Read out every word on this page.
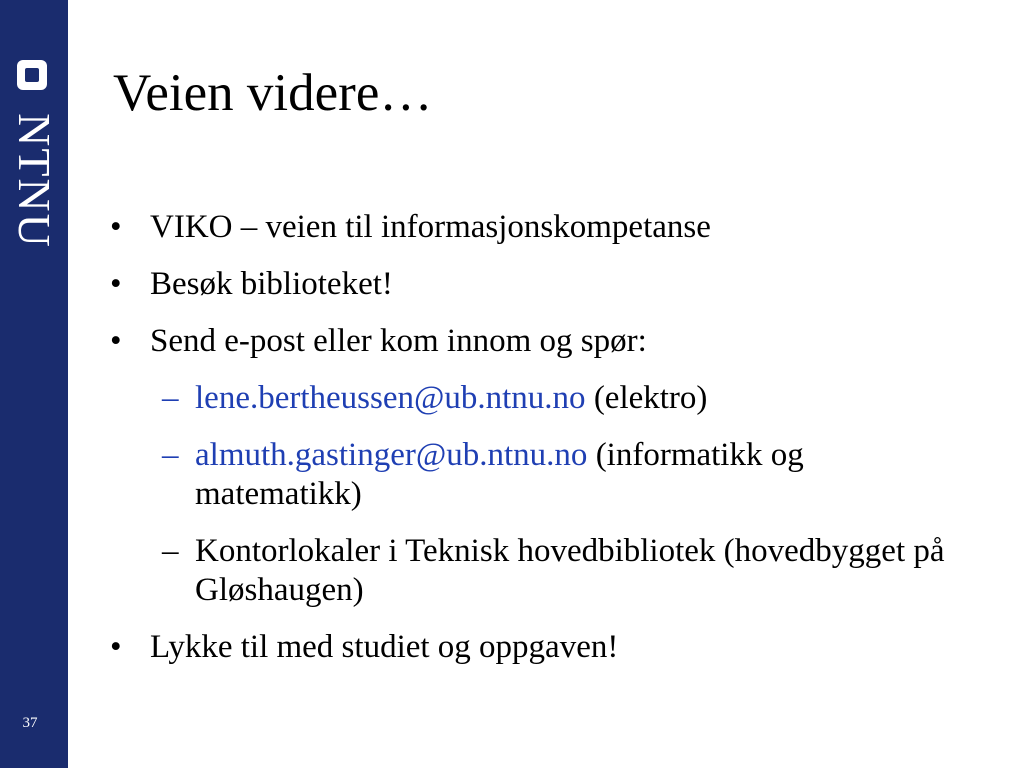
NTNU
37
Veien videre…
• VIKO – veien til informasjonskompetanse
• Besøk biblioteket!
• Send e-post eller kom innom og spør:
– lene.bertheussen@ub.ntnu.no (elektro)
– almuth.gastinger@ub.ntnu.no (informatikk og matematikk)
– Kontorlokaler i Teknisk hovedbibliotek (hovedbygget på Gløshaugen)
• Lykke til med studiet og oppgaven!
